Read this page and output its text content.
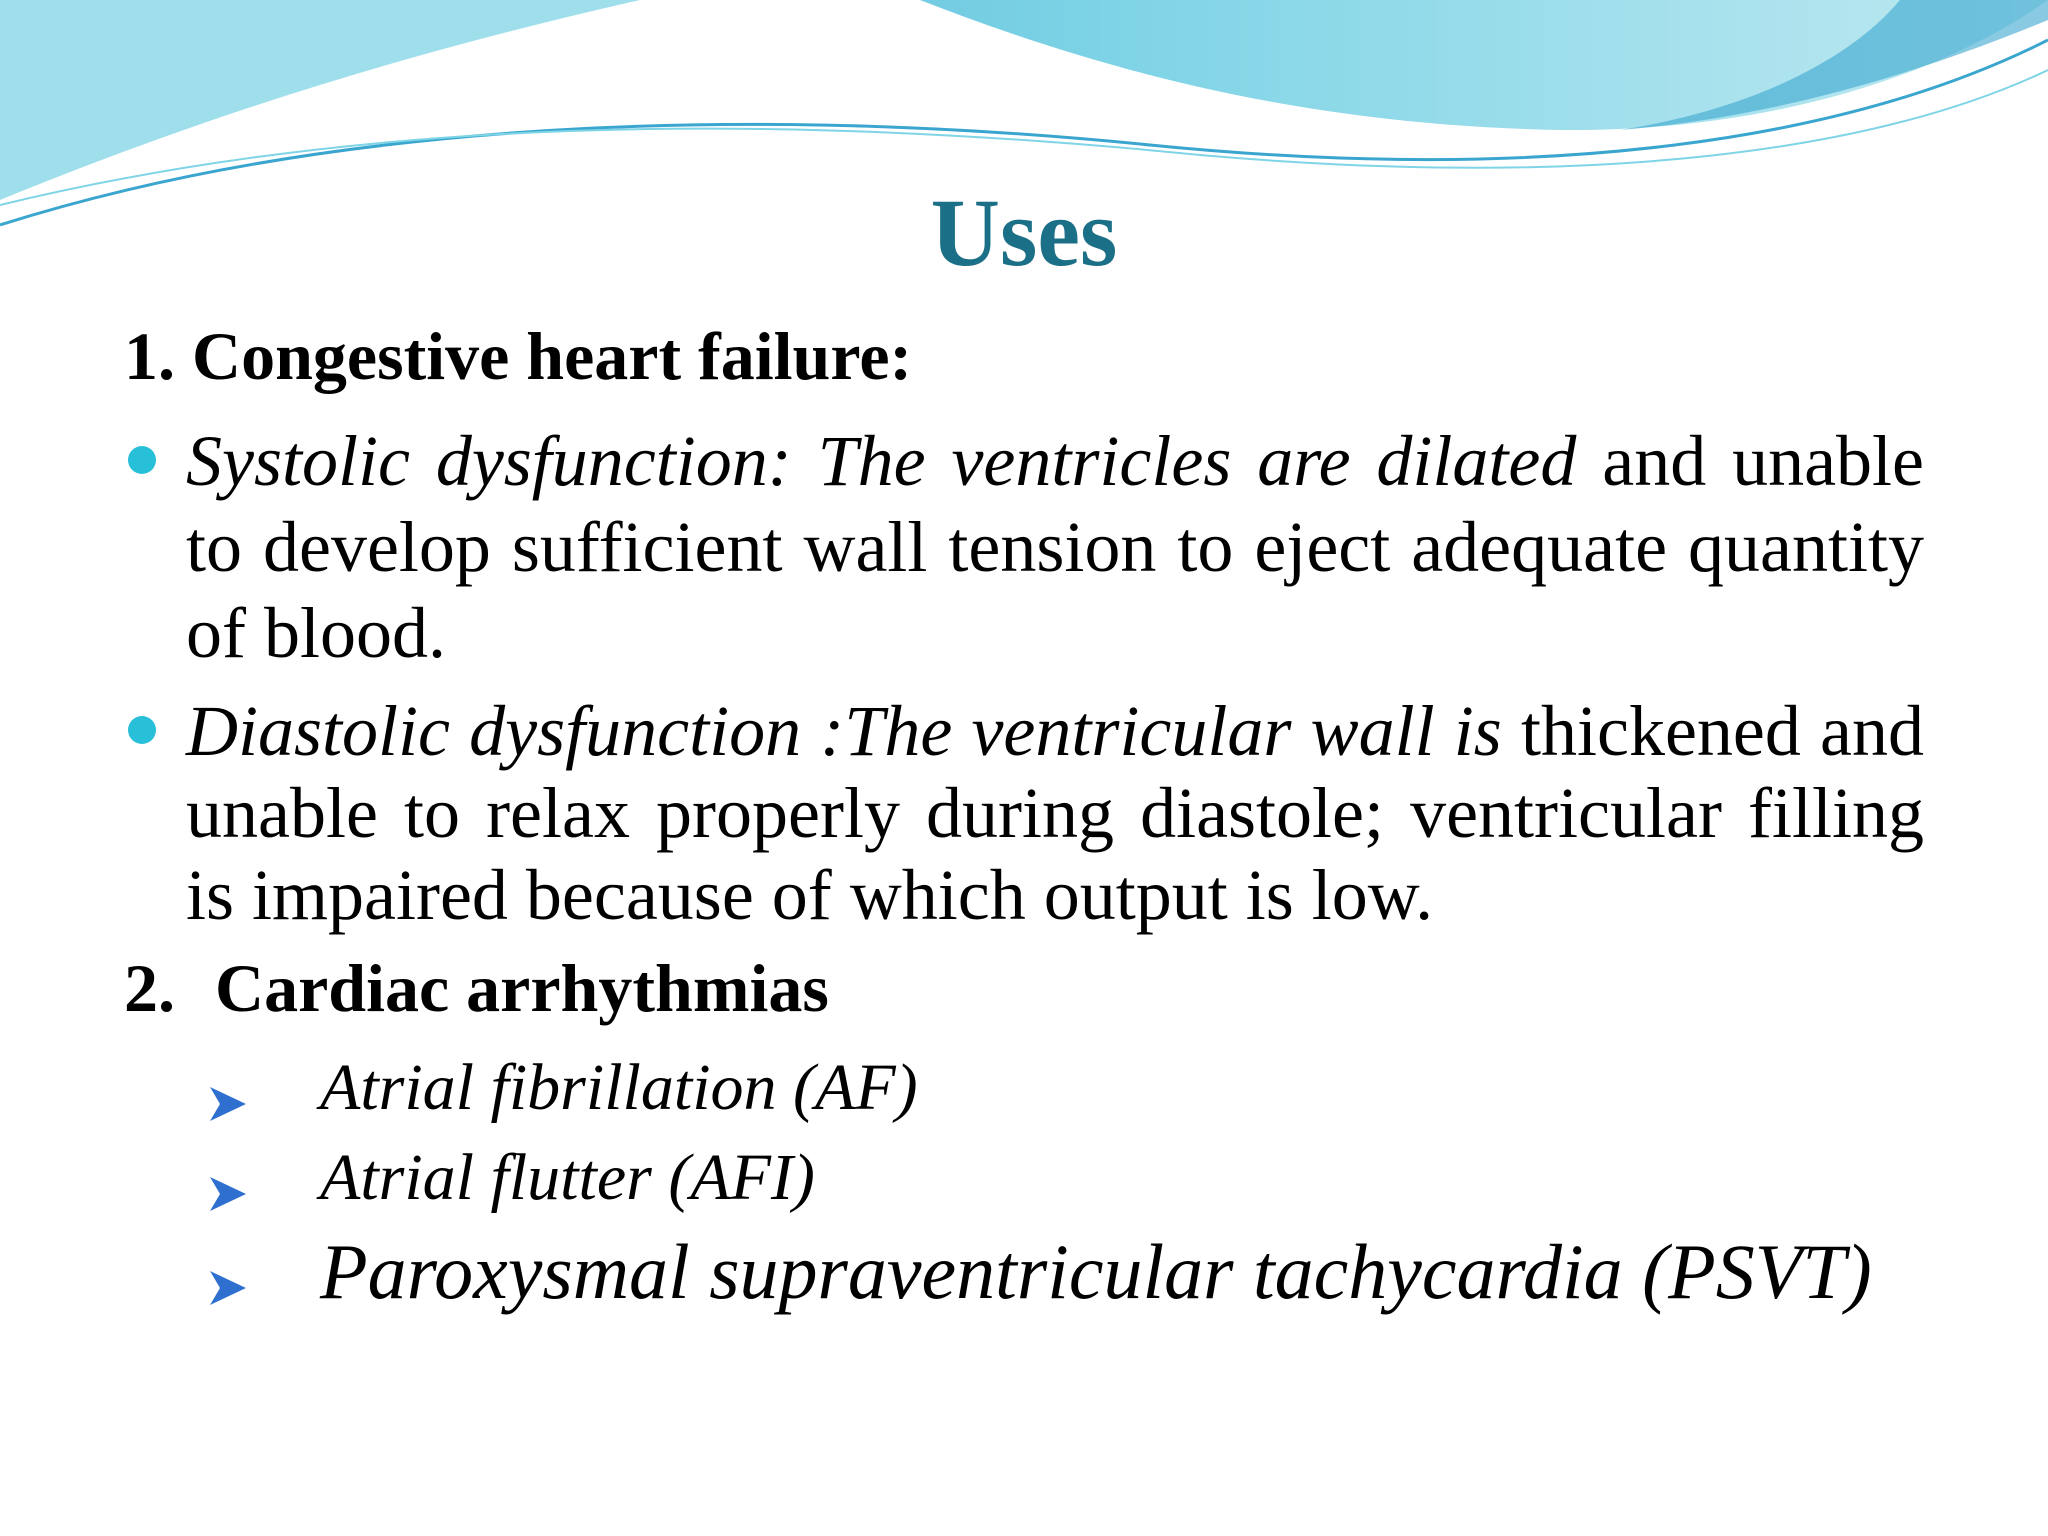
Uses
1. Congestive heart failure:
Systolic dysfunction: The ventricles are dilated and unable to develop sufficient wall tension to eject adequate quantity of blood.
Diastolic dysfunction :The ventricular wall is thickened and unable to relax properly during diastole; ventricular filling is impaired because of which output is low.
2. Cardiac arrhythmias
Atrial fibrillation (AF)
Atrial flutter (AFI)
Paroxysmal supraventricular tachycardia (PSVT)
